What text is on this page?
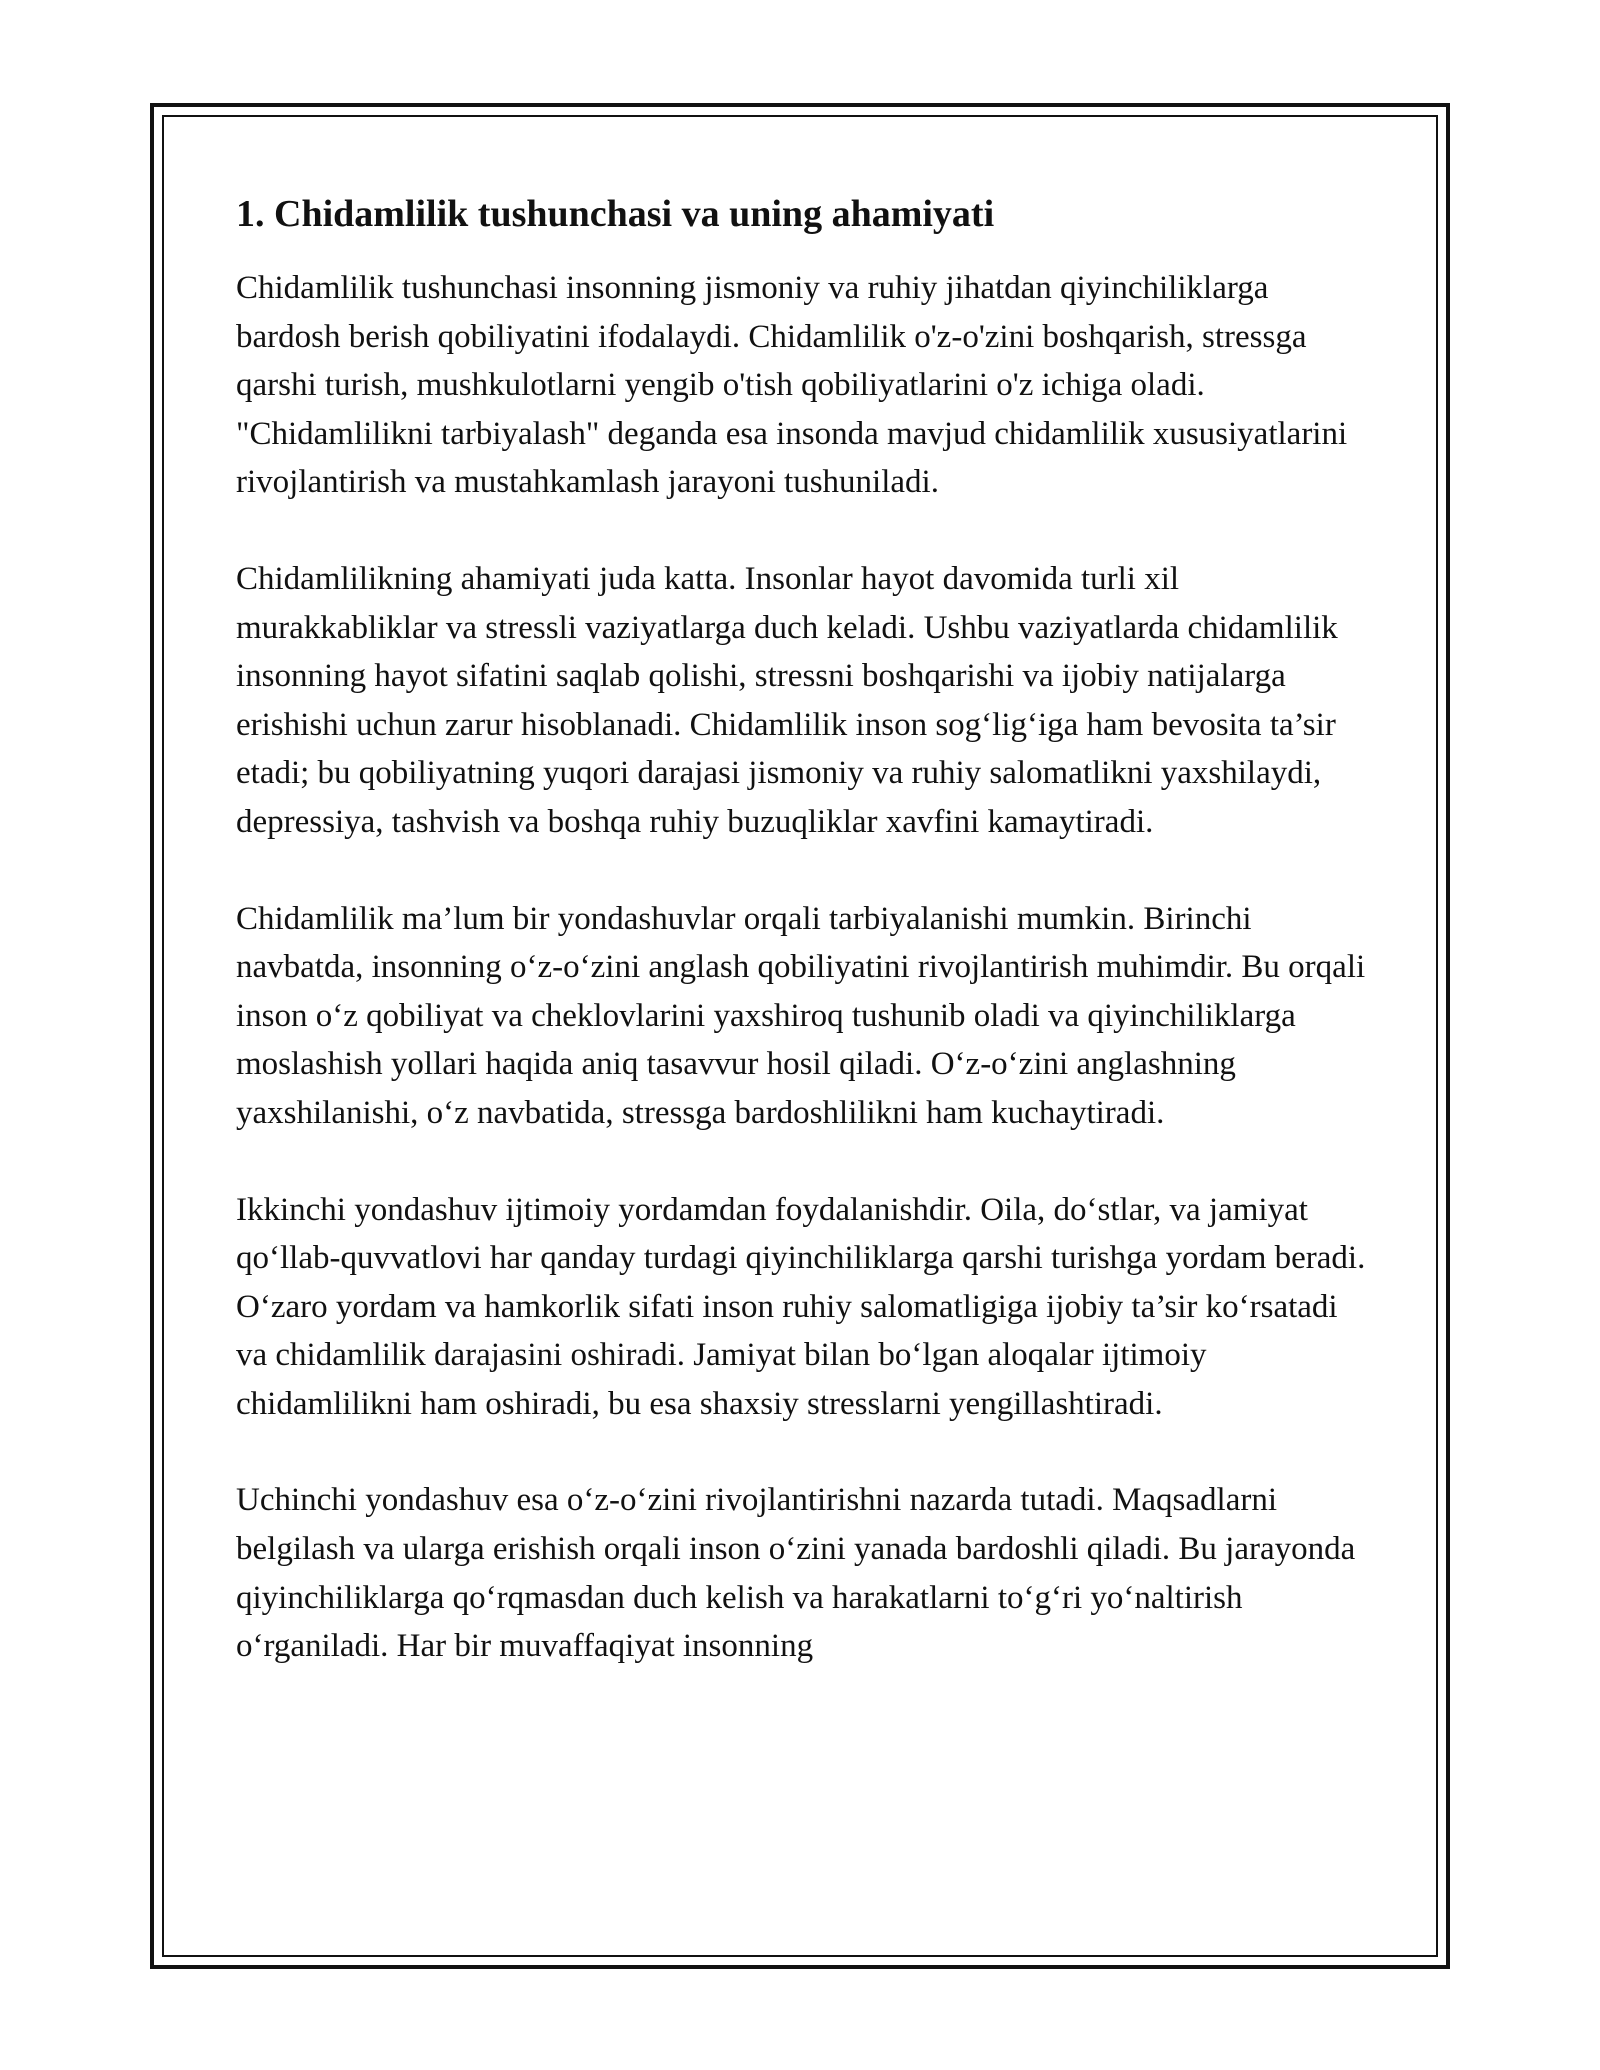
1. Chidamlilik tushunchasi va uning ahamiyati

Chidamlilik tushunchasi insonning jismoniy va ruhiy jihatdan qiyinchiliklarga bardosh berish qobiliyatini ifodalaydi. Chidamlilik o'z-o'zini boshqarish, stressga qarshi turish, mushkulotlarni yengib o'tish qobiliyatlarini o'z ichiga oladi. "Chidamlilikni tarbiyalash" deganda esa insonda mavjud chidamlilik xususiyatlarini rivojlantirish va mustahkamlash jarayoni tushuniladi.

Chidamlilikning ahamiyati juda katta. Insonlar hayot davomida turli xil murakkabliklar va stressli vaziyatlarga duch keladi. Ushbu vaziyatlarda chidamlilik insonning hayot sifatini saqlab qolishi, stressni boshqarishi va ijobiy natijalarga erishishi uchun zarur hisoblanadi. Chidamlilik inson sog‘lig‘iga ham bevosita ta’sir etadi; bu qobiliyatning yuqori darajasi jismoniy va ruhiy salomatlikni yaxshilaydi, depressiya, tashvish va boshqa ruhiy buzuqliklar xavfini kamaytiradi.

Chidamlilik ma’lum bir yondashuvlar orqali tarbiyalanishi mumkin. Birinchi navbatda, insonning o‘z-o‘zini anglash qobiliyatini rivojlantirish muhimdir. Bu orqali inson o‘z qobiliyat va cheklovlarini yaxshiroq tushunib oladi va qiyinchiliklarga moslashish yollari haqida aniq tasavvur hosil qiladi. O‘z-o‘zini anglashning yaxshilanishi, o‘z navbatida, stressga bardoshlilikni ham kuchaytiradi.

Ikkinchi yondashuv ijtimoiy yordamdan foydalanishdir. Oila, do‘stlar, va jamiyat qo‘llab-quvvatlovi har qanday turdagi qiyinchiliklarga qarshi turishga yordam beradi. O‘zaro yordam va hamkorlik sifati inson ruhiy salomatligiga ijobiy ta’sir ko‘rsatadi va chidamlilik darajasini oshiradi. Jamiyat bilan bo‘lgan aloqalar ijtimoiy chidamlilikni ham oshiradi, bu esa shaxsiy stresslarni yengillashtiradi.

Uchinchi yondashuv esa o‘z-o‘zini rivojlantirishni nazarda tutadi. Maqsadlarni belgilash va ularga erishish orqali inson o‘zini yanada bardoshli qiladi. Bu jarayonda qiyinchiliklarga qo‘rqmasdan duch kelish va harakatlarni to‘g‘ri yo‘naltirish o‘rganiladi. Har bir muvaffaqiyat insonning
